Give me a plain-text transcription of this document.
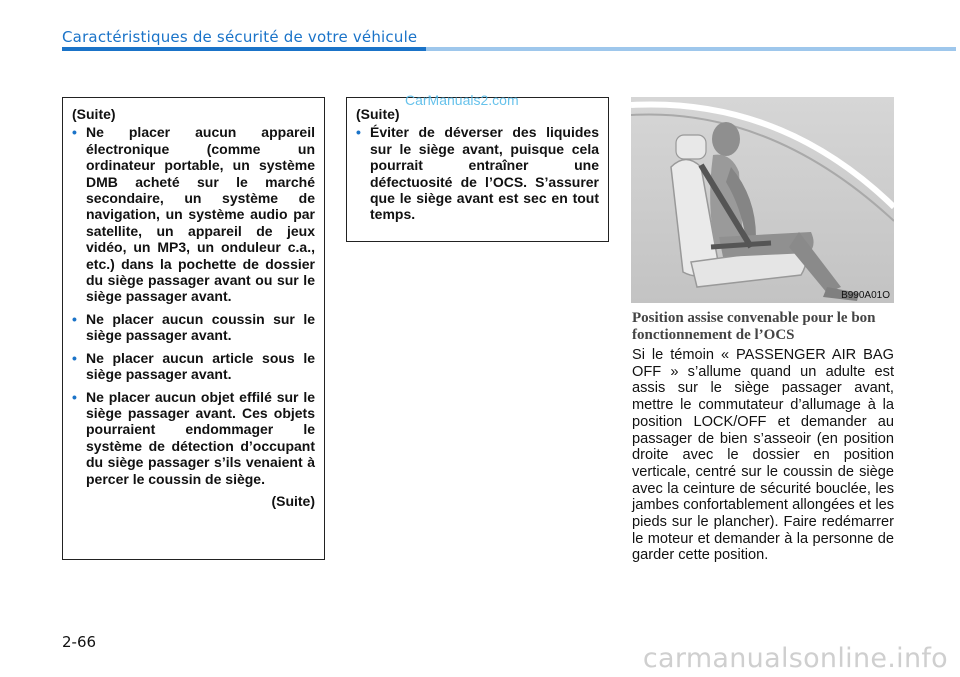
Caractéristiques de sécurité de votre véhicule
(Suite)
• Ne placer aucun appareil électronique (comme un ordinateur portable, un système DMB acheté sur le marché secondaire, un système de navigation, un système audio par satellite, un appareil de jeux vidéo, un MP3, un onduleur c.a., etc.) dans la pochette de dossier du siège passager avant ou sur le siège passager avant.
• Ne placer aucun coussin sur le siège passager avant.
• Ne placer aucun article sous le siège passager avant.
• Ne placer aucun objet effilé sur le siège passager avant. Ces objets pourraient endommager le système de détection d’occupant du siège passager s’ils venaient à percer le coussin de siège.
(Suite)
(Suite)
• Éviter de déverser des liquides sur le siège avant, puisque cela pourrait entraîner une défectuosité de l’OCS. S’assurer que le siège avant est sec en tout temps.
CarManuals2.com
B990A01O
Position assise convenable pour le bon fonctionnement de l’OCS
Si le témoin « PASSENGER AIR BAG OFF » s’allume quand un adulte est assis sur le siège passager avant, mettre le commutateur d’allumage à la position LOCK/OFF et demander au passager de bien s’asseoir (en position droite avec le dossier en position verticale, centré sur le coussin de siège avec la ceinture de sécurité bouclée, les jambes confortablement allongées et les pieds sur le plancher). Faire redémarrer le moteur et demander à la personne de garder cette position.
2-66
carmanualsonline.info
